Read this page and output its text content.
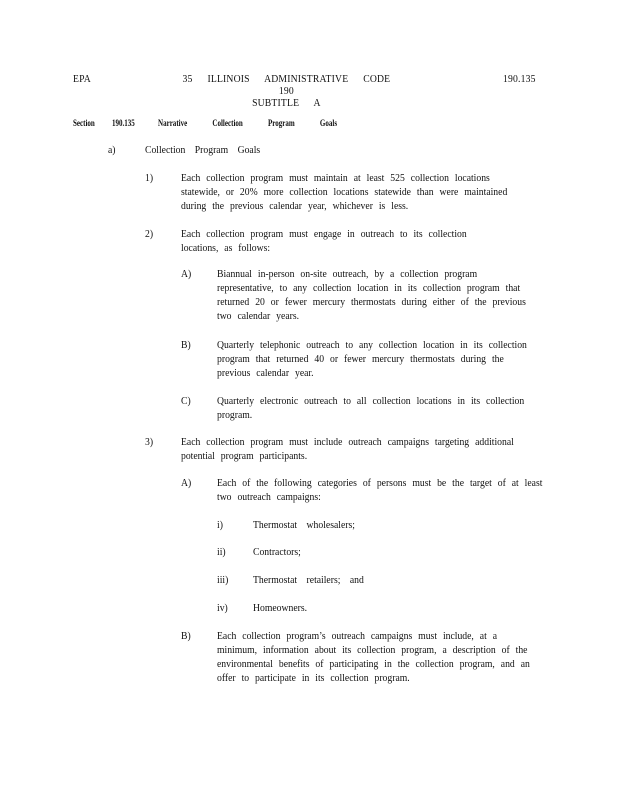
EPA	35 ILLINOIS ADMINISTRATIVE CODE 190
SUBTITLE A
190.135
Section 190.135	Narrative Collection Program Goals
a)	Collection Program Goals
1)	Each collection program must maintain at least 525 collection locations statewide, or 20% more collection locations statewide than were maintained during the previous calendar year, whichever is less.
2)	Each collection program must engage in outreach to its collection locations, as follows:
A) Biannual in-person on-site outreach, by a collection program representative, to any collection location in its collection program that returned 20 or fewer mercury thermostats during either of the previous two calendar years.
B) Quarterly telephonic outreach to any collection location in its collection program that returned 40 or fewer mercury thermostats during the previous calendar year.
C) Quarterly electronic outreach to all collection locations in its collection program.
3)	Each collection program must include outreach campaigns targeting additional potential program participants.
A) Each of the following categories of persons must be the target of at least two outreach campaigns:
i)	Thermostat wholesalers;
ii) Contractors;
iii) Thermostat retailers; and
iv) Homeowners.
B) Each collection program’s outreach campaigns must include, at a minimum, information about its collection program, a description of the environmental benefits of participating in the collection program, and an offer to participate in its collection program.
